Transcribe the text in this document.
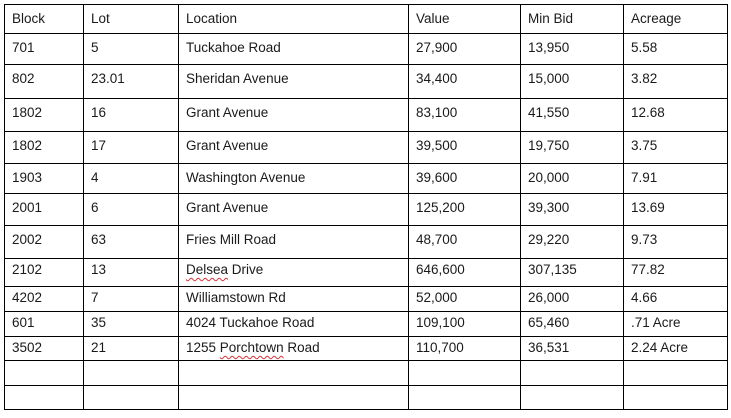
Block	Lot	Location	Value	Min Bid	Acreage
701	5	Tuckahoe Road	27,900	13,950	5.58
802	23.01	Sheridan Avenue	34,400	15,000	3.82
1802	16	Grant Avenue	83,100	41,550	12.68
1802	17	Grant Avenue	39,500	19,750	3.75
1903	4	Washington Avenue	39,600	20,000	7.91
2001	6	Grant Avenue	125,200	39,300	13.69
2002	63	Fries Mill Road	48,700	29,220	9.73
2102	13	Delsea Drive	646,600	307,135	77.82
4202	7	Williamstown Rd	52,000	26,000	4.66
601	35	4024 Tuckahoe Road	109,100	65,460	.71 Acre
3502	21	1255 Porchtown Road	110,700	36,531	2.24 Acre
